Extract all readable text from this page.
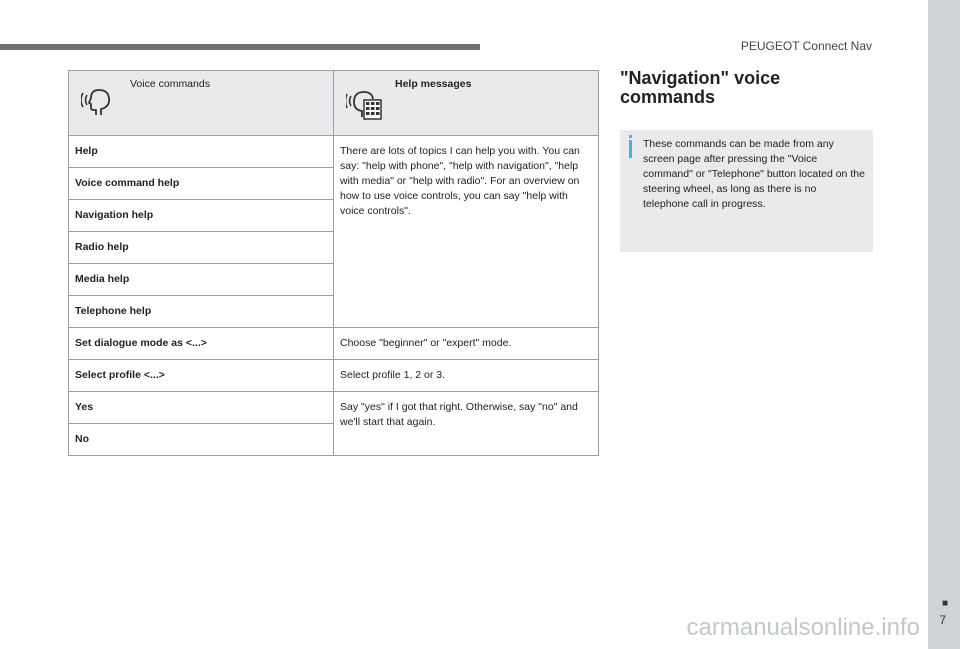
PEUGEOT Connect Nav
■
7
Voice commands	Help messages

Help	There are lots of topics I can help you with. You can say: "help with phone", "help with navigation", "help with media" or "help with radio". For an overview on how to use voice controls, you can say "help with voice controls".
Voice command help	
Navigation help	
Radio help	
Media help	
Telephone help	
Set dialogue mode as <...>	Choose "beginner" or "expert" mode.
Select profile <...>	Select profile 1, 2 or 3.
Yes	Say "yes" if I got that right. Otherwise, say "no" and we'll start that again.
No	
"Navigation" voice commands
These commands can be made from any screen page after pressing the "Voice command" or "Telephone" button located on the steering wheel, as long as there is no telephone call in progress.
carmanualsonline.info
